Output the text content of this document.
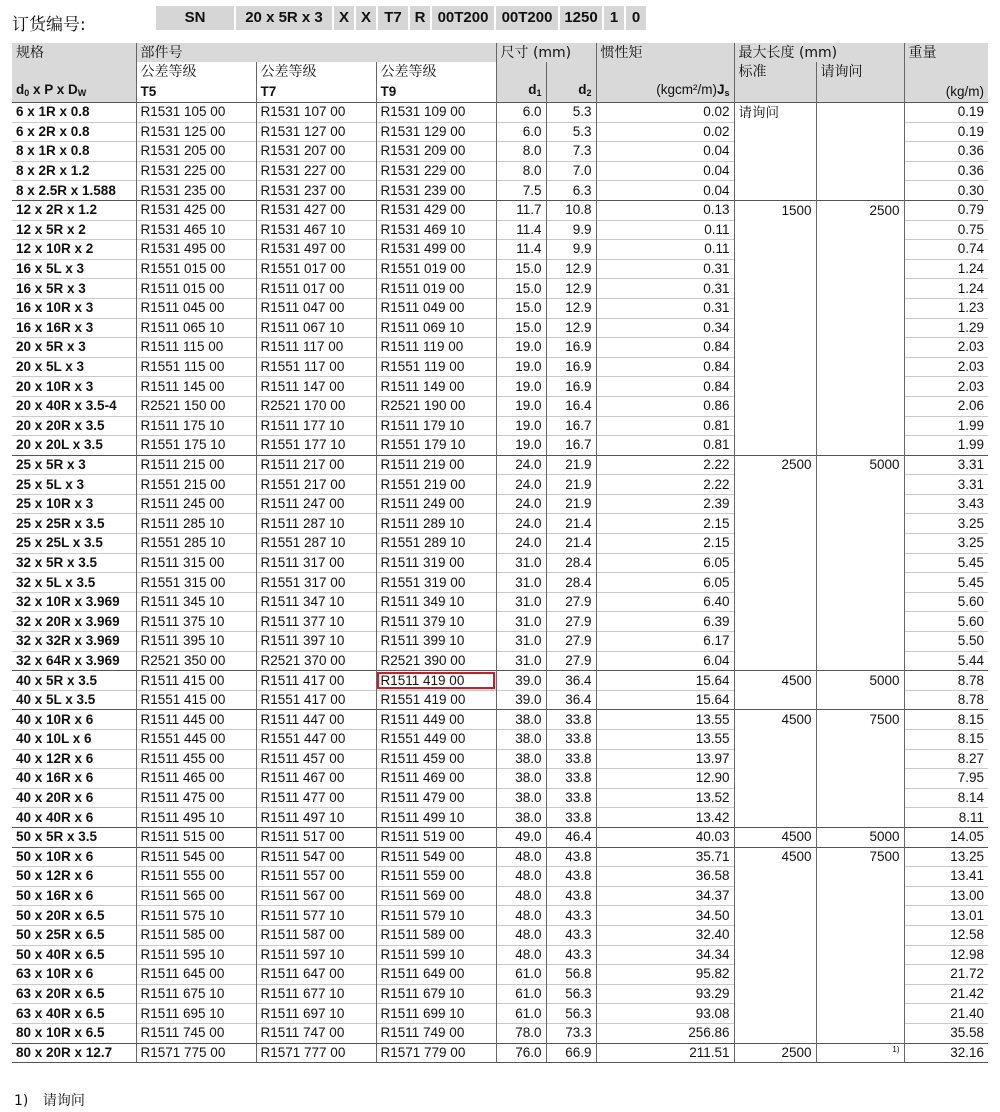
订货编号:	SN	20 x 5R x 3	X X T7 R 00T200 00T200 1250 1 0
规格	部件号			尺寸 (mm)		惯性矩	最大长度 (mm)		重量
	公差等级	公差等级	公差等级				标准	请询问	
$d_0$ x P x $D_W$	T5	T7	T9	$d_1$	$d_2$	$(kgcm^2/m)J_s$			(kg/m)
6 x 1R x 0.8	R1531 105 00	R1531 107 00	R1531 109 00	6.0	5.3	0.02	请询问		0.19
6 x 2R x 0.8	R1531 125 00	R1531 127 00	R1531 129 00	6.0	5.3	0.02			0.19
8 x 1R x 0.8	R1531 205 00	R1531 207 00	R1531 209 00	8.0	7.3	0.04			0.36
8 x 2R x 1.2	R1531 225 00	R1531 227 00	R1531 229 00	8.0	7.0	0.04			0.36
8 x 2.5R x 1.588	R1531 235 00	R1531 237 00	R1531 239 00	7.5	6.3	0.04			0.30
12 x 2R x 1.2	R1531 425 00	R1531 427 00	R1531 429 00	11.7	10.8	0.13	1500	2500	0.79
12 x 5R x 2	R1531 465 10	R1531 467 10	R1531 469 10	11.4	9.9	0.11			0.75
12 x 10R x 2	R1531 495 00	R1531 497 00	R1531 499 00	11.4	9.9	0.11			0.74
16 x 5L x 3	R1551 015 00	R1551 017 00	R1551 019 00	15.0	12.9	0.31			1.24
16 x 5R x 3	R1511 015 00	R1511 017 00	R1511 019 00	15.0	12.9	0.31			1.24
16 x 10R x 3	R1511 045 00	R1511 047 00	R1511 049 00	15.0	12.9	0.31			1.23
16 x 16R x 3	R1511 065 10	R1511 067 10	R1511 069 10	15.0	12.9	0.34			1.29
20 x 5R x 3	R1511 115 00	R1511 117 00	R1511 119 00	19.0	16.9	0.84			2.03
20 x 5L x 3	R1551 115 00	R1551 117 00	R1551 119 00	19.0	16.9	0.84			2.03
20 x 10R x 3	R1511 145 00	R1511 147 00	R1511 149 00	19.0	16.9	0.84			2.03
20 x 40R x 3.5-4	R2521 150 00	R2521 170 00	R2521 190 00	19.0	16.4	0.86			2.06
20 x 20R x 3.5	R1511 175 10	R1511 177 10	R1511 179 10	19.0	16.7	0.81			1.99
20 x 20L x 3.5	R1551 175 10	R1551 177 10	R1551 179 10	19.0	16.7	0.81			1.99
25 x 5R x 3	R1511 215 00	R1511 217 00	R1511 219 00	24.0	21.9	2.22	2500	5000	3.31
25 x 5L x 3	R1551 215 00	R1551 217 00	R1551 219 00	24.0	21.9	2.22			3.31
25 x 10R x 3	R1511 245 00	R1511 247 00	R1511 249 00	24.0	21.9	2.39			3.43
25 x 25R x 3.5	R1511 285 10	R1511 287 10	R1511 289 10	24.0	21.4	2.15			3.25
25 x 25L x 3.5	R1551 285 10	R1551 287 10	R1551 289 10	24.0	21.4	2.15			3.25
32 x 5R x 3.5	R1511 315 00	R1511 317 00	R1511 319 00	31.0	28.4	6.05			5.45
32 x 5L x 3.5	R1551 315 00	R1551 317 00	R1551 319 00	31.0	28.4	6.05			5.45
32 x 10R x 3.969	R1511 345 10	R1511 347 10	R1511 349 10	31.0	27.9	6.40			5.60
32 x 20R x 3.969	R1511 375 10	R1511 377 10	R1511 379 10	31.0	27.9	6.39			5.60
32 x 32R x 3.969	R1511 395 10	R1511 397 10	R1511 399 10	31.0	27.9	6.17			5.50
32 x 64R x 3.969	R2521 350 00	R2521 370 00	R2521 390 00	31.0	27.9	6.04			5.44
40 x 5R x 3.5	R1511 415 00	R1511 417 00	R1511 419 00	39.0	36.4	15.64	4500	5000	8.78
40 x 5L x 3.5	R1551 415 00	R1551 417 00	R1551 419 00	39.0	36.4	15.64			8.78
40 x 10R x 6	R1511 445 00	R1511 447 00	R1511 449 00	38.0	33.8	13.55	4500	7500	8.15
40 x 10L x 6	R1551 445 00	R1551 447 00	R1551 449 00	38.0	33.8	13.55			8.15
40 x 12R x 6	R1511 455 00	R1511 457 00	R1511 459 00	38.0	33.8	13.97			8.27
40 x 16R x 6	R1511 465 00	R1511 467 00	R1511 469 00	38.0	33.8	12.90			7.95
40 x 20R x 6	R1511 475 00	R1511 477 00	R1511 479 00	38.0	33.8	13.52			8.14
40 x 40R x 6	R1511 495 10	R1511 497 10	R1511 499 10	38.0	33.8	13.42			8.11
50 x 5R x 3.5	R1511 515 00	R1511 517 00	R1511 519 00	49.0	46.4	40.03	4500	5000	14.05
50 x 10R x 6	R1511 545 00	R1511 547 00	R1511 549 00	48.0	43.8	35.71	4500	7500	13.25
50 x 12R x 6	R1511 555 00	R1511 557 00	R1511 559 00	48.0	43.8	36.58			13.41
50 x 16R x 6	R1511 565 00	R1511 567 00	R1511 569 00	48.0	43.8	34.37			13.00
50 x 20R x 6.5	R1511 575 10	R1511 577 10	R1511 579 10	48.0	43.3	34.50			13.01
50 x 25R x 6.5	R1511 585 00	R1511 587 00	R1511 589 00	48.0	43.3	32.40			12.58
50 x 40R x 6.5	R1511 595 10	R1511 597 10	R1511 599 10	48.0	43.3	34.34			12.98
63 x 10R x 6	R1511 645 00	R1511 647 00	R1511 649 00	61.0	56.8	95.82			21.72
63 x 20R x 6.5	R1511 675 10	R1511 677 10	R1511 679 10	61.0	56.3	93.29			21.42
63 x 40R x 6.5	R1511 695 10	R1511 697 10	R1511 699 10	61.0	56.3	93.08			21.40
80 x 10R x 6.5	R1511 745 00	R1511 747 00	R1511 749 00	78.0	73.3	256.86			35.58
80 x 20R x 12.7	R1571 775 00	R1571 777 00	R1571 779 00	76.0	66.9	211.51	2500	1)	32.16
1) 请询问
